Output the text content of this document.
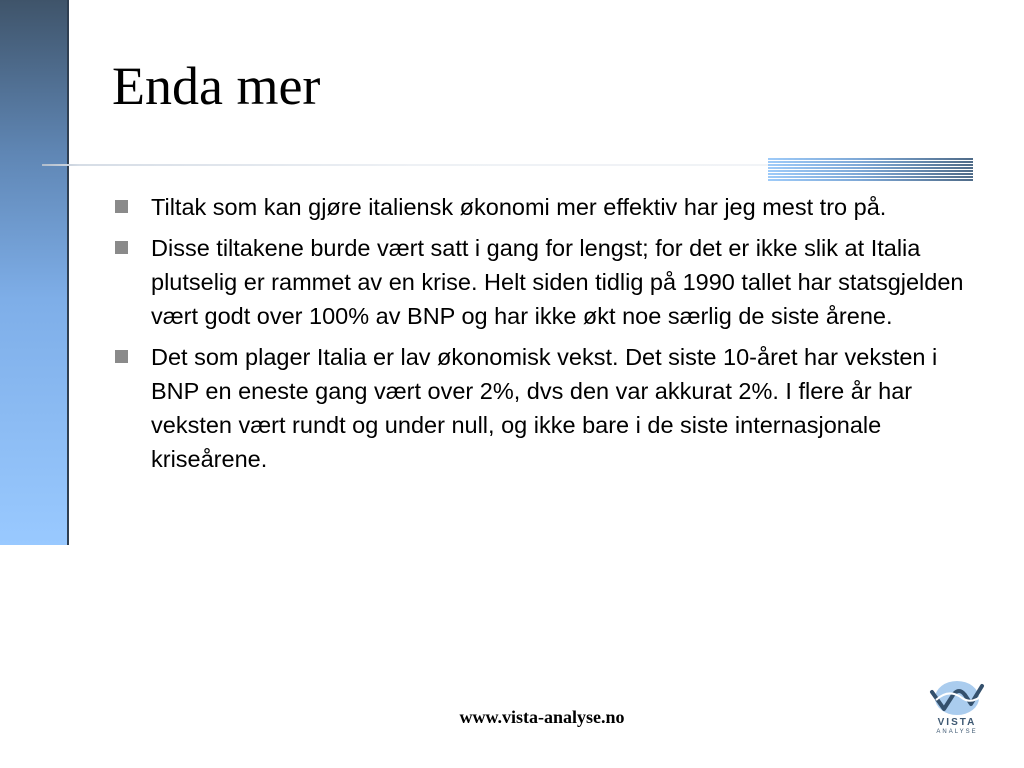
Enda mer
Tiltak som kan gjøre italiensk økonomi mer effektiv har jeg mest tro på.
Disse tiltakene burde vært satt i gang for lengst; for det er ikke slik at Italia plutselig er rammet av en krise. Helt siden tidlig på 1990 tallet har statsgjelden vært godt over 100% av BNP og har ikke økt noe særlig de siste årene.
Det som plager Italia er lav økonomisk vekst. Det siste 10-året har veksten i BNP en eneste gang vært over 2%, dvs den var akkurat 2%. I flere år har veksten vært rundt og under null, og ikke bare i de siste internasjonale kriseårene.
www.vista-analyse.no	VISTA
ANALYSE
